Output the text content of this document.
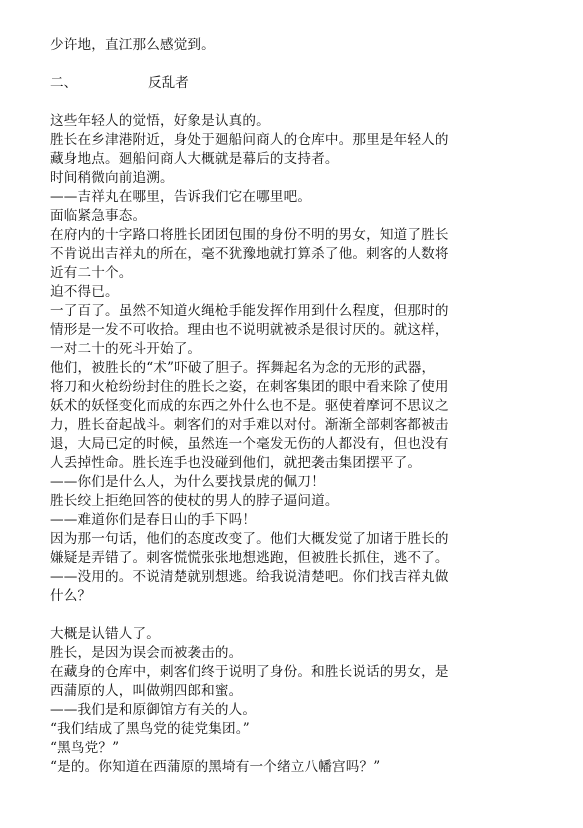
少许地，直江那么感觉到。
二、	反乱者
这些年轻人的觉悟，好象是认真的。
胜长在乡津港附近，身处于廻船问商人的仓库中。那里是年轻人的
藏身地点。廻船问商人大概就是幕后的支持者。
时间稍微向前追溯。
——吉祥丸在哪里，告诉我们它在哪里吧。
面临紧急事态。
在府内的十字路口将胜长团团包围的身份不明的男女，知道了胜长
不肯说出吉祥丸的所在，毫不犹豫地就打算杀了他。刺客的人数将
近有二十个。
迫不得已。
一了百了。虽然不知道火绳枪手能发挥作用到什么程度，但那时的
情形是一发不可收拾。理由也不说明就被杀是很讨厌的。就这样，
一对二十的死斗开始了。
他们，被胜长的“术”吓破了胆子。挥舞起名为念的无形的武器，
将刀和火枪纷纷封住的胜长之姿，在刺客集团的眼中看来除了使用
妖术的妖怪变化而成的东西之外什么也不是。驱使着摩诃不思议之
力，胜长奋起战斗。刺客们的对手难以对付。渐渐全部刺客都被击
退，大局已定的时候，虽然连一个毫发无伤的人都没有，但也没有
人丢掉性命。胜长连手也没碰到他们，就把袭击集团摆平了。
——你们是什么人，为什么要找景虎的佩刀！
胜长绞上拒绝回答的使杖的男人的脖子逼问道。
——难道你们是春日山的手下吗！
因为那一句话，他们的态度改变了。他们大概发觉了加诸于胜长的
嫌疑是弄错了。刺客慌慌张张地想逃跑，但被胜长抓住，逃不了。
——没用的。不说清楚就别想逃。给我说清楚吧。你们找吉祥丸做
什么？
大概是认错人了。
胜长，是因为误会而被袭击的。
在藏身的仓库中，刺客们终于说明了身份。和胜长说话的男女，是
西蒲原的人，叫做朔四郎和蜜。
——我们是和原御馆方有关的人。
“我们结成了黑鸟党的徒党集团。”
“黑鸟党？”
“是的。你知道在西蒲原的黑埼有一个绪立八幡宫吗？”
